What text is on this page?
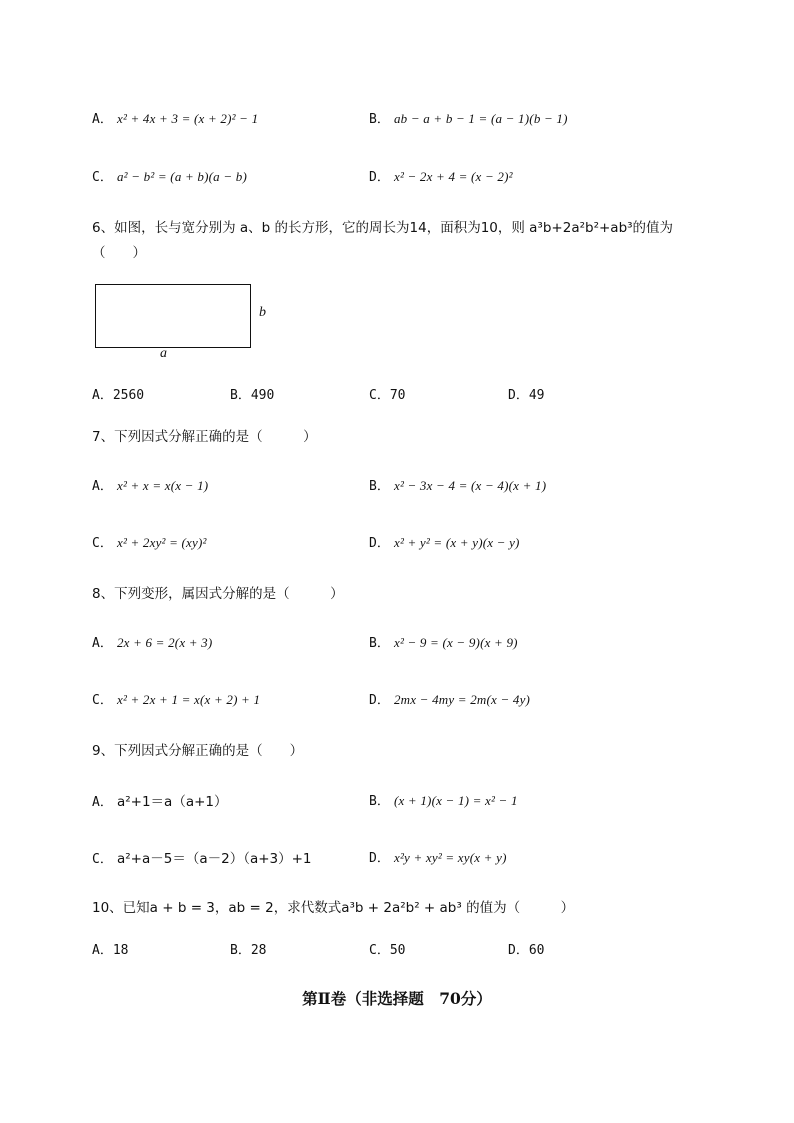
A． x² + 4x + 3 = (x + 2)² − 1	B． ab − a + b − 1 = (a − 1)(b − 1)
C． a² − b² = (a + b)(a − b)	D． x² − 2x + 4 = (x − 2)²
6、如图，长与宽分别为 a、b 的长方形，它的周长为14，面积为10，则 a³b+2a²b²+ab³的值为
（　　）
b
a
A．2560	B．490	C．70	D．49
7、下列因式分解正确的是（　　　）
A． x² + x = x(x − 1)	B． x² − 3x − 4 = (x − 4)(x + 1)
C． x² + 2xy² = (xy)²	D． x² + y² = (x + y)(x − y)
8、下列变形，属因式分解的是（　　　）
A． 2x + 6 = 2(x + 3)	B． x² − 9 = (x − 9)(x + 9)
C． x² + 2x + 1 = x(x + 2) + 1	D． 2mx − 4my = 2m(x − 4y)
9、下列因式分解正确的是（　　）
A． a²+1＝a（a+1）	B． (x + 1)(x − 1) = x² − 1
C． a²+a－5＝（a－2）（a+3）+1	D． x²y + xy² = xy(x + y)
10、已知a + b = 3，ab = 2，求代数式a³b + 2a²b² + ab³ 的值为（　　　）
A．18	B．28	C．50	D．60
第Ⅱ卷（非选择题　70分）
